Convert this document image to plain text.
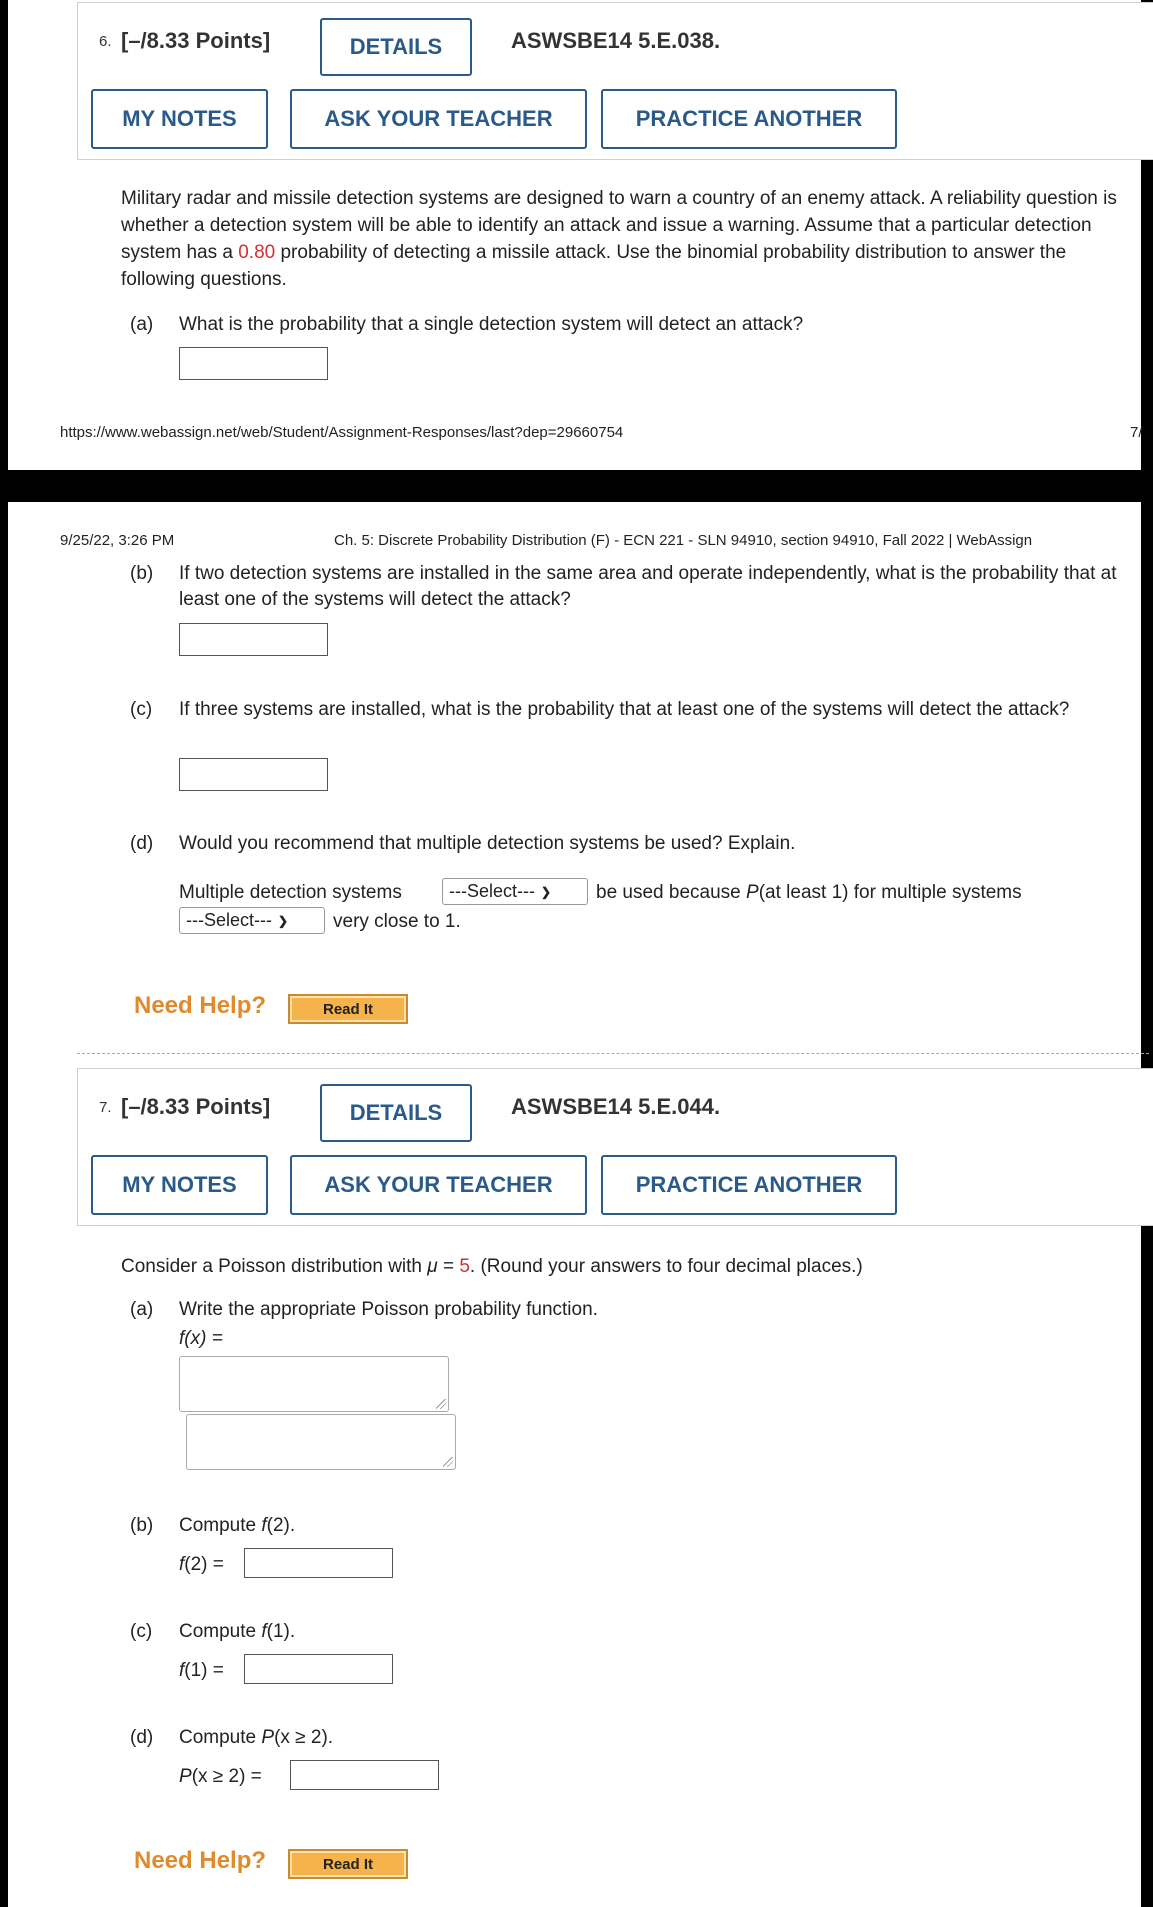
6. [–/8.33 Points]	DETAILS	ASWSBE14 5.E.038.
MY NOTES	ASK YOUR TEACHER	PRACTICE ANOTHER
Military radar and missile detection systems are designed to warn a country of an enemy attack. A reliability question is whether a detection system will be able to identify an attack and issue a warning. Assume that a particular detection system has a 0.80 probability of detecting a missile attack. Use the binomial probability distribution to answer the following questions.
(a) What is the probability that a single detection system will detect an attack?
https://www.webassign.net/web/Student/Assignment-Responses/last?dep=29660754	7/
9/25/22, 3:26 PM	Ch. 5: Discrete Probability Distribution (F) - ECN 221 - SLN 94910, section 94910, Fall 2022 | WebAssign
(b) If two detection systems are installed in the same area and operate independently, what is the probability that at least one of the systems will detect the attack?
(c) If three systems are installed, what is the probability that at least one of the systems will detect the attack?
(d) Would you recommend that multiple detection systems be used? Explain.
Multiple detection systems	---Select--- ❯ be used because P(at least 1) for multiple systems
---Select--- ❯ very close to 1.
Need Help?	Read It
7. [–/8.33 Points]	DETAILS	ASWSBE14 5.E.044.
MY NOTES	ASK YOUR TEACHER	PRACTICE ANOTHER
Consider a Poisson distribution with μ = 5. (Round your answers to four decimal places.)
(a) Write the appropriate Poisson probability function.
f(x) =
(b) Compute f(2).
f(2) =
(c) Compute f(1).
f(1) =
(d) Compute P(x ≥ 2).
P(x ≥ 2) =
Need Help?	Read It
